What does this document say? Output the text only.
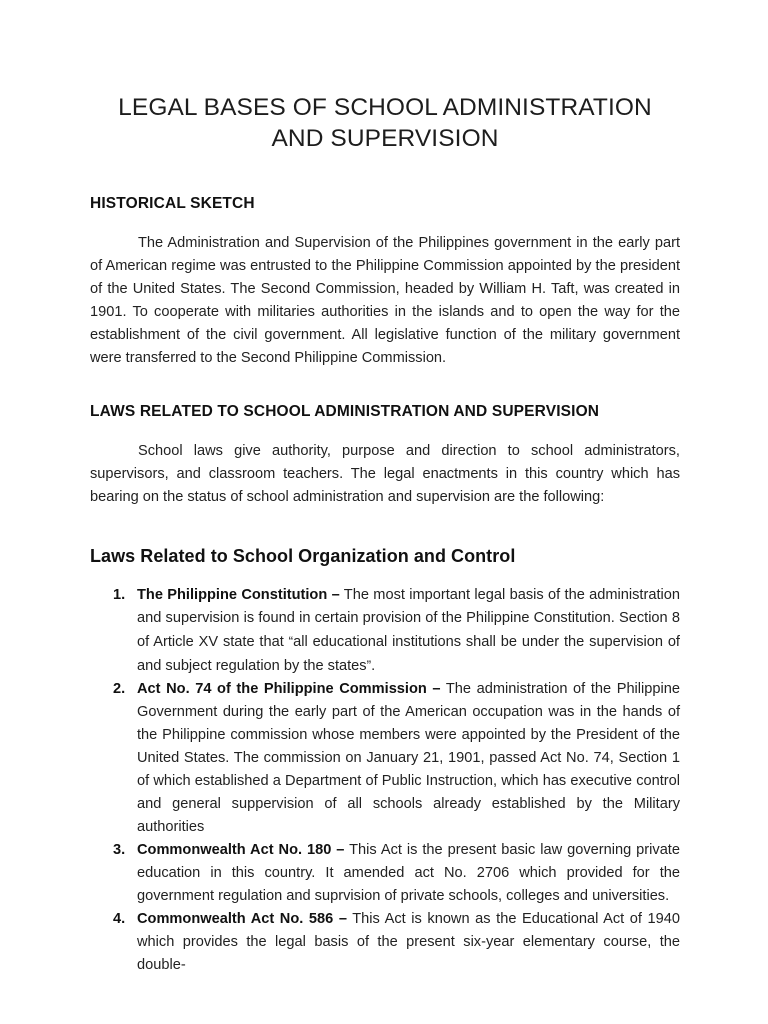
LEGAL BASES OF SCHOOL ADMINISTRATION
AND SUPERVISION
HISTORICAL SKETCH

The Administration and Supervision of the Philippines government in the early part of American regime was entrusted to the Philippine Commission appointed by the president of the United States. The Second Commission, headed by William H. Taft, was created in 1901. To cooperate with militaries authorities in the islands and to open the way for the establishment of the civil government. All legislative function of the military government were transferred to the Second Philippine Commission.

LAWS RELATED TO SCHOOL ADMINISTRATION AND SUPERVISION

School laws give authority, purpose and direction to school administrators, supervisors, and classroom teachers. The legal enactments in this country which has bearing on the status of school administration and supervision are the following:

Laws Related to School Organization and Control
1. The Philippine Constitution – The most important legal basis of the administration and supervision is found in certain provision of the Philippine Constitution. Section 8 of Article XV state that “all educational institutions shall be under the supervision of and subject regulation by the states”.
2. Act No. 74 of the Philippine Commission – The administration of the Philippine Government during the early part of the American occupation was in the hands of the Philippine commission whose members were appointed by the President of the United States. The commission on January 21, 1901, passed Act No. 74, Section 1 of which established a Department of Public Instruction, which has executive control and general suppervision of all schools already established by the Military authorities
3. Commonwealth Act No. 180 – This Act is the present basic law governing private education in this country. It amended act No. 2706 which provided for the government regulation and suprvision of private schools, colleges and universities.
4. Commonwealth Act No. 586 – This Act is known as the Educational Act of 1940 which provides the legal basis of the present six-year elementary course, the double-
